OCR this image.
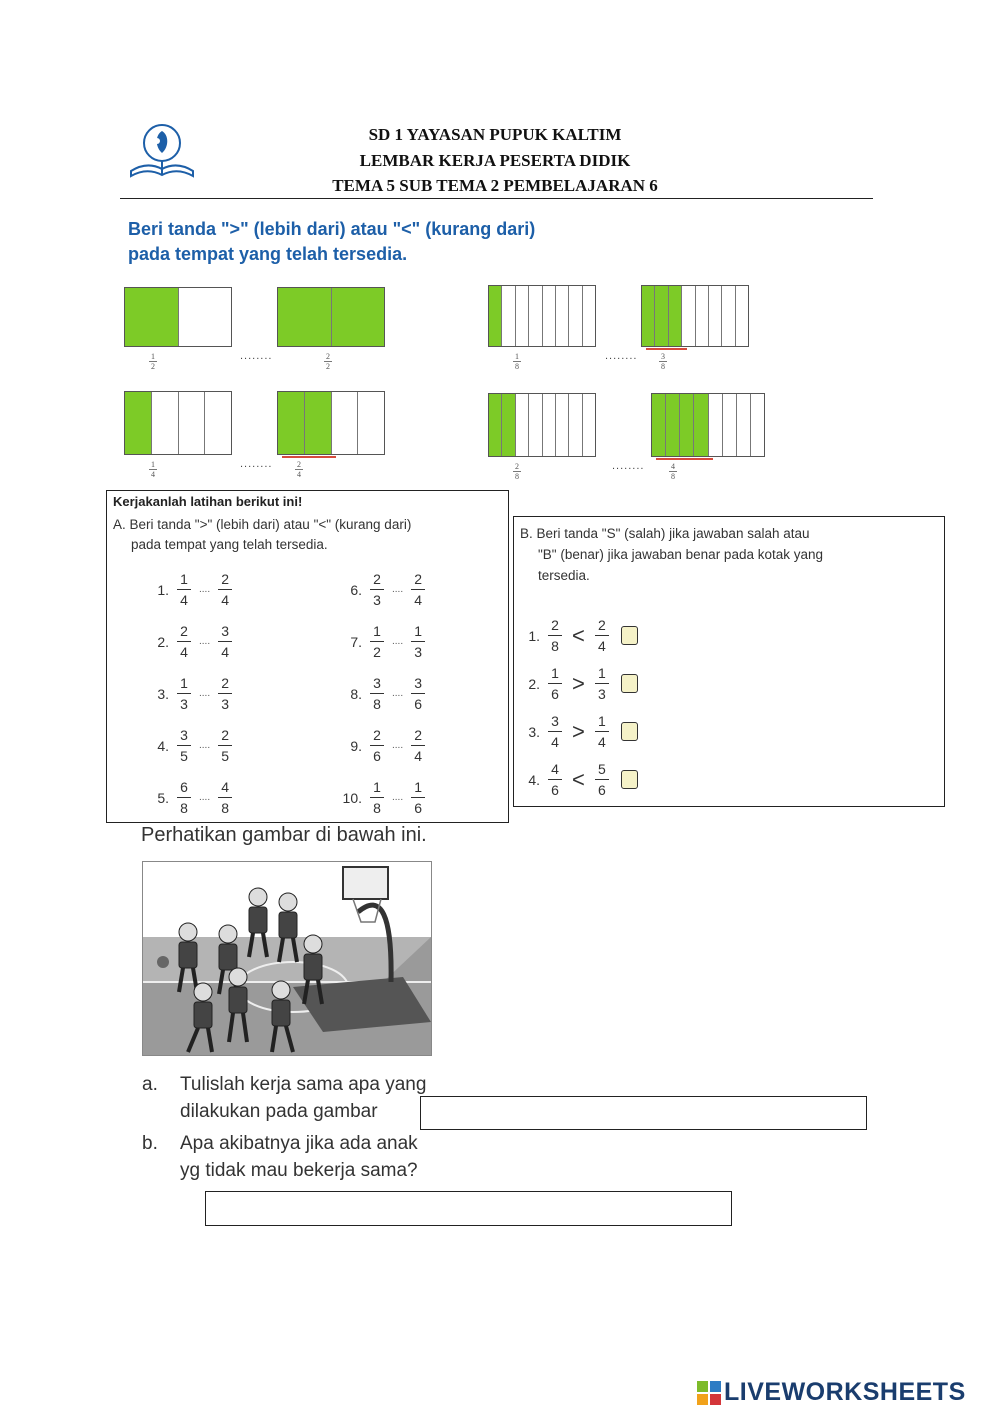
SD 1 YAYASAN PUPUK KALTIM
LEMBAR KERJA PESERTA DIDIK
TEMA 5 SUB TEMA 2 PEMBELAJARAN 6
Beri tanda ">" (lebih dari) atau "<" (kurang dari)
pada tempat yang telah tersedia.
1
2
2
2
........	1
8
3
8
........
1
4
2
4
........	2
8
4
8
........
Kerjakanlah latihan berikut ini!
A. Beri tanda ">" (lebih dari) atau "<" (kurang dari)
pada tempat yang telah tersedia.
1. $\frac{1}{4}$ .... $\frac{2}{4}$
2. $\frac{2}{4}$ .... $\frac{3}{4}$
3. $\frac{1}{3}$ .... $\frac{2}{3}$
4. $\frac{3}{5}$ .... $\frac{2}{5}$
5. $\frac{6}{8}$ .... $\frac{4}{8}$
6. $\frac{2}{3}$ .... $\frac{2}{4}$
7. $\frac{1}{2}$ .... $\frac{1}{3}$
8. $\frac{3}{8}$ .... $\frac{3}{6}$
9. $\frac{2}{6}$ .... $\frac{2}{4}$
10. $\frac{1}{8}$ .... $\frac{1}{6}$
B. Beri tanda "S" (salah) jika jawaban salah atau
"B" (benar) jika jawaban benar pada kotak yang
tersedia.
1. $\frac{2}{8} < \frac{2}{4}$
2. $\frac{1}{6} > \frac{1}{3}$
3. $\frac{3}{4} > \frac{1}{4}$
4. $\frac{4}{6} < \frac{5}{6}$
Perhatikan gambar di bawah ini.
a. Tulislah kerja sama apa yang
dilakukan pada gambar
b. Apa akibatnya jika ada anak
yg tidak mau bekerja sama?
LIVEWORKSHEETS
